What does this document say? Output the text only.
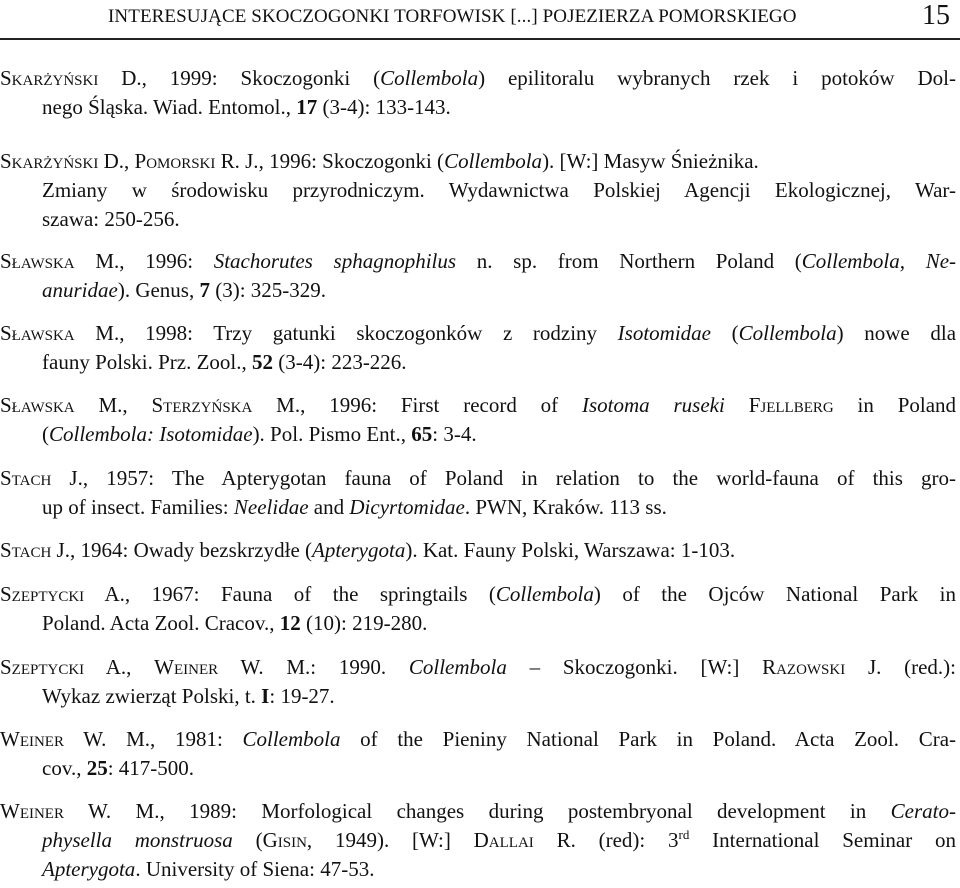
INTERESUJĄCE SKOCZOGONKI TORFOWISK [...] POJEZIERZA POMORSKIEGO	15
Skarżyński D., 1999: Skoczogonki (Collembola) epilitoralu wybranych rzek i potoków Dol-
nego Śląska. Wiad. Entomol., 17 (3-4): 133-143.
Skarżyński D., Pomorski R. J., 1996: Skoczogonki (Collembola). [W:] Masyw Śnieżnika.
Zmiany w środowisku przyrodniczym. Wydawnictwa Polskiej Agencji Ekologicznej, War-
szawa: 250-256.
Sławska M., 1996: Stachorutes sphagnophilus n. sp. from Northern Poland (Collembola, Ne-
anuridae). Genus, 7 (3): 325-329.
Sławska M., 1998: Trzy gatunki skoczogonków z rodziny Isotomidae (Collembola) nowe dla
fauny Polski. Prz. Zool., 52 (3-4): 223-226.
Sławska M., Sterzyńska M., 1996: First record of Isotoma ruseki Fjellberg in Poland
(Collembola: Isotomidae). Pol. Pismo Ent., 65: 3-4.
Stach J., 1957: The Apterygotan fauna of Poland in relation to the world-fauna of this gro-
up of insect. Families: Neelidae and Dicyrtomidae. PWN, Kraków. 113 ss.
Stach J., 1964: Owady bezskrzydłe (Apterygota). Kat. Fauny Polski, Warszawa: 1-103.
Szeptycki A., 1967: Fauna of the springtails (Collembola) of the Ojców National Park in
Poland. Acta Zool. Cracov., 12 (10): 219-280.
Szeptycki A., Weiner W. M.: 1990. Collembola – Skoczogonki. [W:] Razowski J. (red.):
Wykaz zwierząt Polski, t. I: 19-27.
Weiner W. M., 1981: Collembola of the Pieniny National Park in Poland. Acta Zool. Cra-
cov., 25: 417-500.
Weiner W. M., 1989: Morfological changes during postembryonal development in Cerato-
physella monstruosa (Gisin, 1949). [W:] Dallai R. (red): 3rd International Seminar on
Apterygota. University of Siena: 47-53.
